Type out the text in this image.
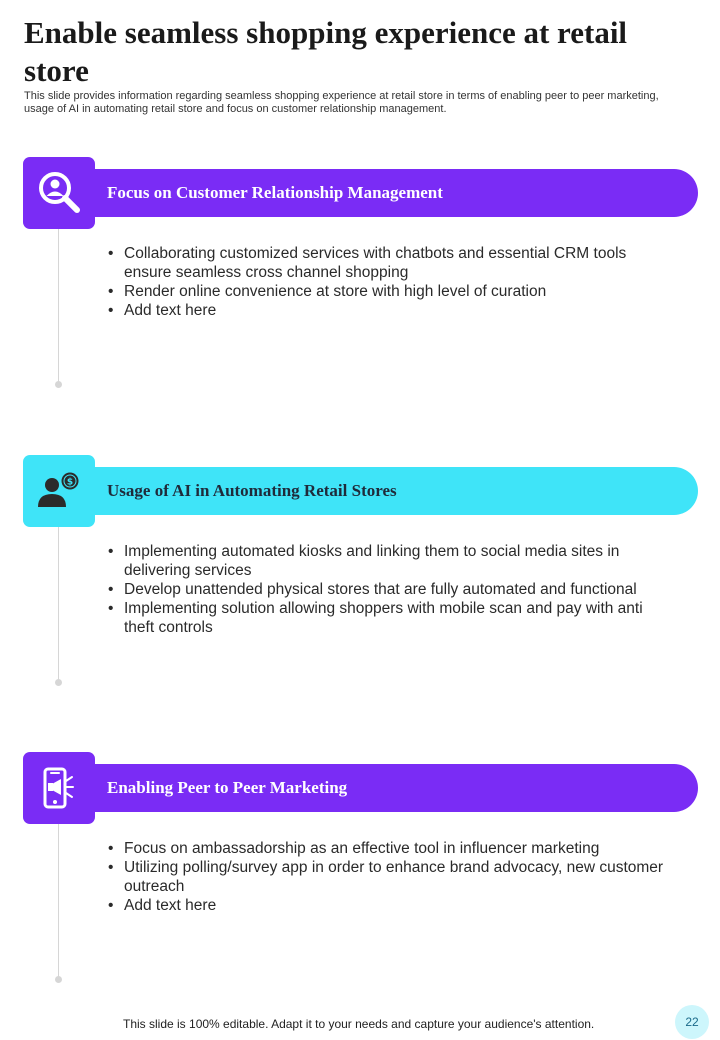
Enable seamless shopping experience at retail store

This slide provides information regarding seamless shopping experience at retail store in terms of enabling peer to peer marketing, usage of AI in automating retail store and focus on customer relationship management.

Focus on Customer Relationship Management
• Collaborating customized services with chatbots and essential CRM tools ensure seamless cross channel shopping
• Render online convenience at store with high level of curation
• Add text here
$	Usage of AI in Automating Retail Stores
• Implementing automated kiosks and linking them to social media sites in delivering services
• Develop unattended physical stores that are fully automated and functional
• Implementing solution allowing shoppers with mobile scan and pay with anti theft controls
Enabling Peer to Peer Marketing
• Focus on ambassadorship as an effective tool in influencer marketing
• Utilizing polling/survey app in order to enhance brand advocacy, new customer outreach
• Add text here

This slide is 100% editable. Adapt it to your needs and capture your audience's attention.	22
